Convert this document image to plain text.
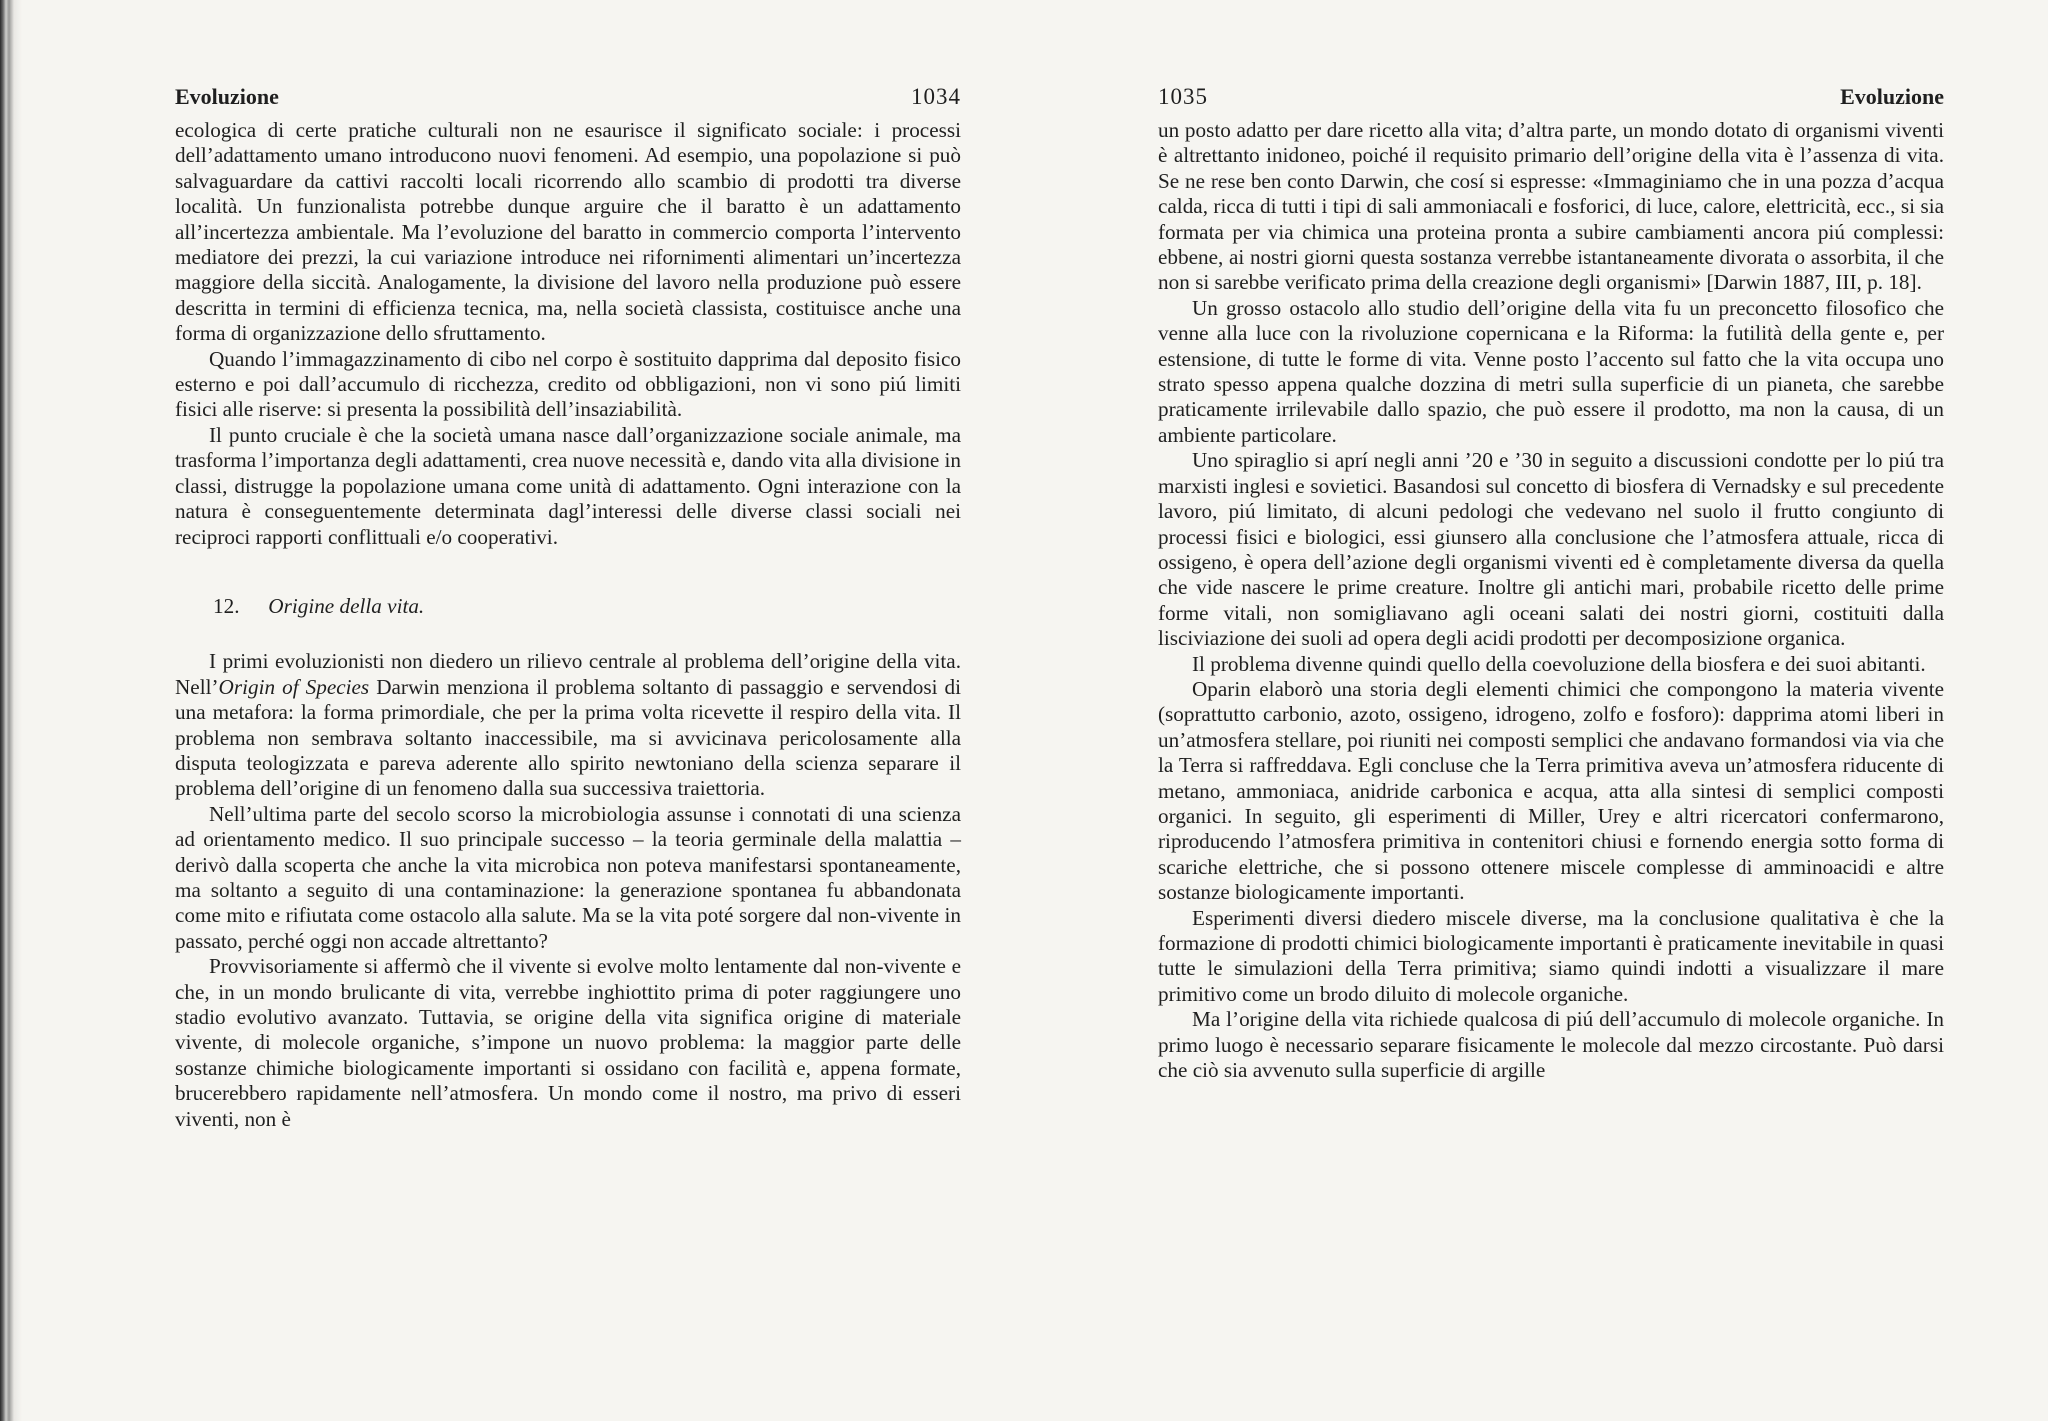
Evoluzione	1034

ecologica di certe pratiche culturali non ne esaurisce il significato sociale: i processi dell’adattamento umano introducono nuovi fenomeni. Ad esempio, una popolazione si può salvaguardare da cattivi raccolti locali ricorrendo allo scambio di prodotti tra diverse località. Un funzionalista potrebbe dunque arguire che il baratto è un adattamento all’incertezza ambientale. Ma l’evoluzione del baratto in commercio comporta l’intervento mediatore dei prezzi, la cui variazione introduce nei rifornimenti alimentari un’incertezza maggiore della siccità. Analogamente, la divisione del lavoro nella produzione può essere descritta in termini di efficienza tecnica, ma, nella società classista, costituisce anche una forma di organizzazione dello sfruttamento.

Quando l’immagazzinamento di cibo nel corpo è sostituito dapprima dal deposito fisico esterno e poi dall’accumulo di ricchezza, credito od obbligazioni, non vi sono piú limiti fisici alle riserve: si presenta la possibilità dell’insaziabilità.

Il punto cruciale è che la società umana nasce dall’organizzazione sociale animale, ma trasforma l’importanza degli adattamenti, crea nuove necessità e, dando vita alla divisione in classi, distrugge la popolazione umana come unità di adattamento. Ogni interazione con la natura è conseguentemente determinata dagl’interessi delle diverse classi sociali nei reciproci rapporti conflittuali e/o cooperativi.

12. Origine della vita.

I primi evoluzionisti non diedero un rilievo centrale al problema dell’origine della vita. Nell’Origin of Species Darwin menziona il problema soltanto di passaggio e servendosi di una metafora: la forma primordiale, che per la prima volta ricevette il respiro della vita. Il problema non sembrava soltanto inaccessibile, ma si avvicinava pericolosamente alla disputa teologizzata e pareva aderente allo spirito newtoniano della scienza separare il problema dell’origine di un fenomeno dalla sua successiva traiettoria.

Nell’ultima parte del secolo scorso la microbiologia assunse i connotati di una scienza ad orientamento medico. Il suo principale successo – la teoria germinale della malattia – derivò dalla scoperta che anche la vita microbica non poteva manifestarsi spontaneamente, ma soltanto a seguito di una contaminazione: la generazione spontanea fu abbandonata come mito e rifiutata come ostacolo alla salute. Ma se la vita poté sorgere dal non-vivente in passato, perché oggi non accade altrettanto?

Provvisoriamente si affermò che il vivente si evolve molto lentamente dal non-vivente e che, in un mondo brulicante di vita, verrebbe inghiottito prima di poter raggiungere uno stadio evolutivo avanzato. Tuttavia, se origine della vita significa origine di materiale vivente, di molecole organiche, s’impone un nuovo problema: la maggior parte delle sostanze chimiche biologicamente importanti si ossidano con facilità e, appena formate, brucerebbero rapidamente nell’atmosfera. Un mondo come il nostro, ma privo di esseri viventi, non è

1035	Evoluzione

un posto adatto per dare ricetto alla vita; d’altra parte, un mondo dotato di organismi viventi è altrettanto inidoneo, poiché il requisito primario dell’origine della vita è l’assenza di vita. Se ne rese ben conto Darwin, che cosí si espresse: «Immaginiamo che in una pozza d’acqua calda, ricca di tutti i tipi di sali ammoniacali e fosforici, di luce, calore, elettricità, ecc., si sia formata per via chimica una proteina pronta a subire cambiamenti ancora piú complessi: ebbene, ai nostri giorni questa sostanza verrebbe istantaneamente divorata o assorbita, il che non si sarebbe verificato prima della creazione degli organismi» [Darwin 1887, III, p. 18].

Un grosso ostacolo allo studio dell’origine della vita fu un preconcetto filosofico che venne alla luce con la rivoluzione copernicana e la Riforma: la futilità della gente e, per estensione, di tutte le forme di vita. Venne posto l’accento sul fatto che la vita occupa uno strato spesso appena qualche dozzina di metri sulla superficie di un pianeta, che sarebbe praticamente irrilevabile dallo spazio, che può essere il prodotto, ma non la causa, di un ambiente particolare.

Uno spiraglio si aprí negli anni ’20 e ’30 in seguito a discussioni condotte per lo piú tra marxisti inglesi e sovietici. Basandosi sul concetto di biosfera di Vernadsky e sul precedente lavoro, piú limitato, di alcuni pedologi che vedevano nel suolo il frutto congiunto di processi fisici e biologici, essi giunsero alla conclusione che l’atmosfera attuale, ricca di ossigeno, è opera dell’azione degli organismi viventi ed è completamente diversa da quella che vide nascere le prime creature. Inoltre gli antichi mari, probabile ricetto delle prime forme vitali, non somigliavano agli oceani salati dei nostri giorni, costituiti dalla lisciviazione dei suoli ad opera degli acidi prodotti per decomposizione organica.

Il problema divenne quindi quello della coevoluzione della biosfera e dei suoi abitanti.

Oparin elaborò una storia degli elementi chimici che compongono la materia vivente (soprattutto carbonio, azoto, ossigeno, idrogeno, zolfo e fosforo): dapprima atomi liberi in un’atmosfera stellare, poi riuniti nei composti semplici che andavano formandosi via via che la Terra si raffreddava. Egli concluse che la Terra primitiva aveva un’atmosfera riducente di metano, ammoniaca, anidride carbonica e acqua, atta alla sintesi di semplici composti organici. In seguito, gli esperimenti di Miller, Urey e altri ricercatori confermarono, riproducendo l’atmosfera primitiva in contenitori chiusi e fornendo energia sotto forma di scariche elettriche, che si possono ottenere miscele complesse di amminoacidi e altre sostanze biologicamente importanti.

Esperimenti diversi diedero miscele diverse, ma la conclusione qualitativa è che la formazione di prodotti chimici biologicamente importanti è praticamente inevitabile in quasi tutte le simulazioni della Terra primitiva; siamo quindi indotti a visualizzare il mare primitivo come un brodo diluito di molecole organiche.

Ma l’origine della vita richiede qualcosa di piú dell’accumulo di molecole organiche. In primo luogo è necessario separare fisicamente le molecole dal mezzo circostante. Può darsi che ciò sia avvenuto sulla superficie di argille
